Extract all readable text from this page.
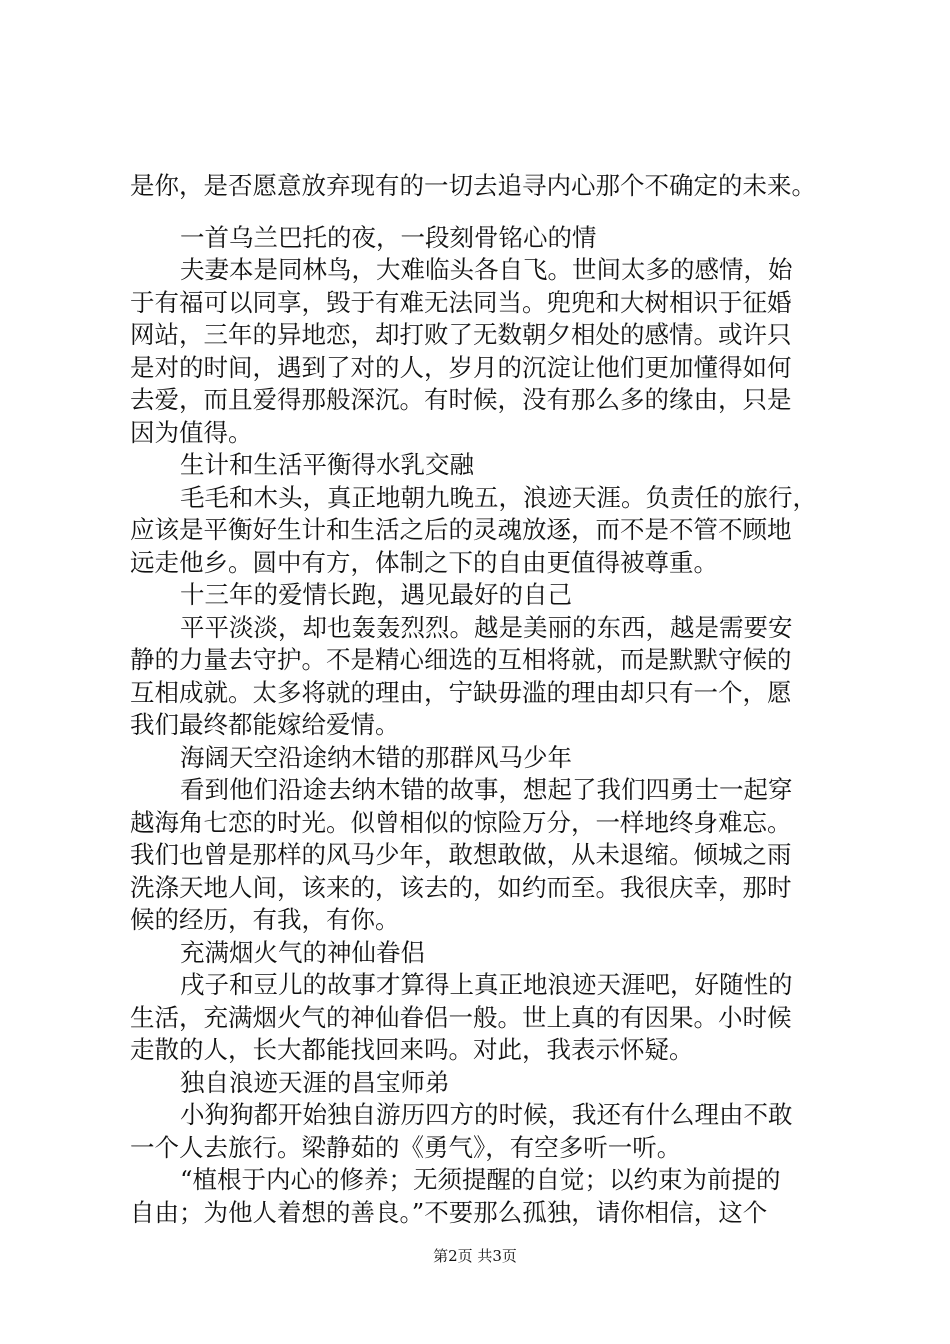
是你，是否愿意放弃现有的一切去追寻内心那个不确定的未来。
一首乌兰巴托的夜，一段刻骨铭心的情
夫妻本是同林鸟，大难临头各自飞。世间太多的感情，始
于有福可以同享，毁于有难无法同当。兜兜和大树相识于征婚
网站，三年的异地恋，却打败了无数朝夕相处的感情。或许只
是对的时间，遇到了对的人，岁月的沉淀让他们更加懂得如何
去爱，而且爱得那般深沉。有时候，没有那么多的缘由，只是
因为值得。
生计和生活平衡得水乳交融
毛毛和木头，真正地朝九晚五，浪迹天涯。负责任的旅行，
应该是平衡好生计和生活之后的灵魂放逐，而不是不管不顾地
远走他乡。圆中有方，体制之下的自由更值得被尊重。
十三年的爱情长跑，遇见最好的自己
平平淡淡，却也轰轰烈烈。越是美丽的东西，越是需要安
静的力量去守护。不是精心细选的互相将就，而是默默守候的
互相成就。太多将就的理由，宁缺毋滥的理由却只有一个，愿
我们最终都能嫁给爱情。
海阔天空沿途纳木错的那群风马少年
看到他们沿途去纳木错的故事，想起了我们四勇士一起穿
越海角七恋的时光。似曾相似的惊险万分，一样地终身难忘。
我们也曾是那样的风马少年，敢想敢做，从未退缩。倾城之雨
洗涤天地人间，该来的，该去的，如约而至。我很庆幸，那时
候的经历，有我，有你。
充满烟火气的神仙眷侣
戌子和豆儿的故事才算得上真正地浪迹天涯吧，好随性的
生活，充满烟火气的神仙眷侣一般。世上真的有因果。小时候
走散的人，长大都能找回来吗。对此，我表示怀疑。
独自浪迹天涯的昌宝师弟
小狗狗都开始独自游历四方的时候，我还有什么理由不敢
一个人去旅行。梁静茹的《勇气》，有空多听一听。
“植根于内心的修养；无须提醒的自觉；以约束为前提的
自由；为他人着想的善良。”不要那么孤独，请你相信，这个
第2页 共3页
